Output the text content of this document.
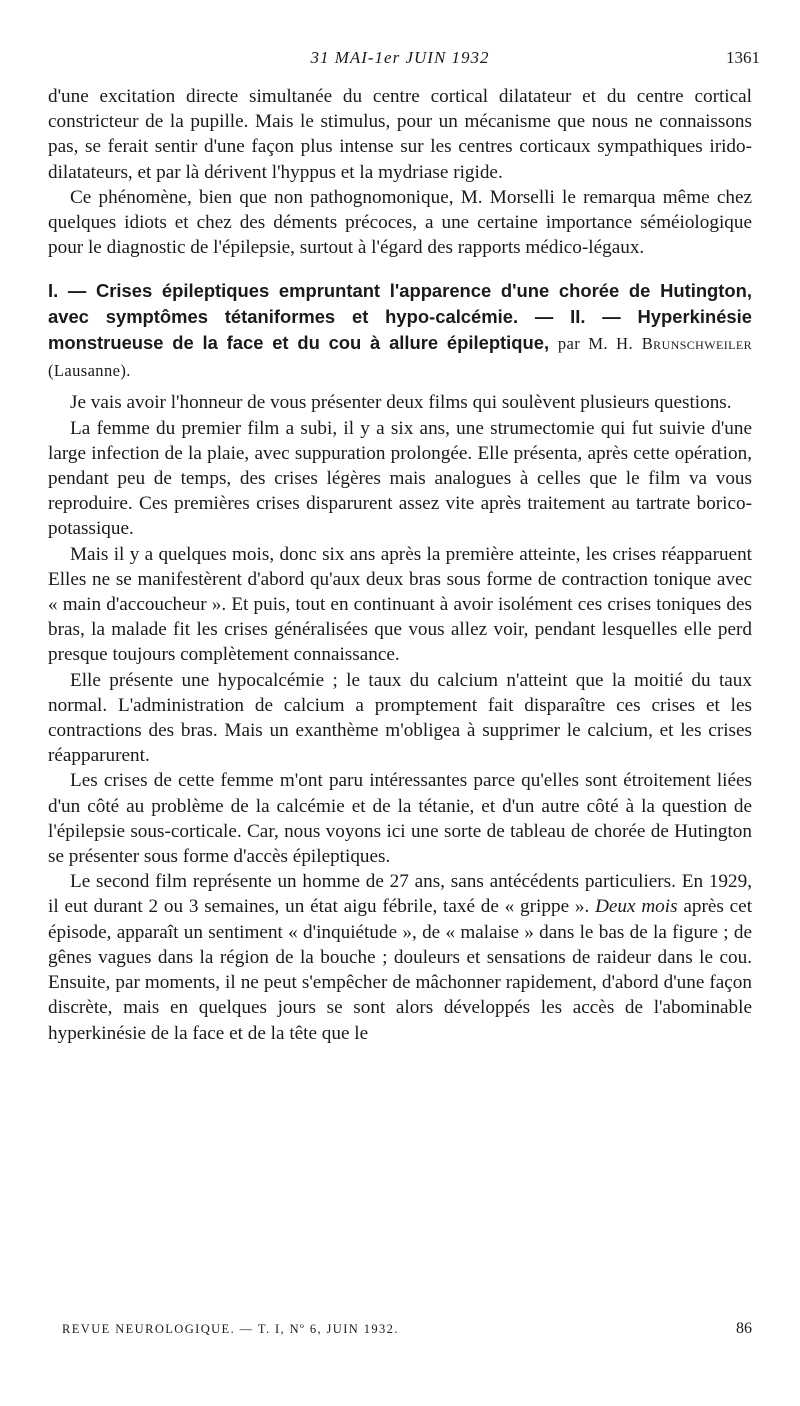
31 MAI-1er JUIN 1932	1361

d'une excitation directe simultanée du centre cortical dilatateur et du centre cortical constricteur de la pupille. Mais le stimulus, pour un mécanisme que nous ne connaissons pas, se ferait sentir d'une façon plus intense sur les centres corticaux sympathiques irido-dilatateurs, et par là dérivent l'hyppus et la mydriase rigide.

Ce phénomène, bien que non pathognomonique, M. Morselli le remarqua même chez quelques idiots et chez des déments précoces, a une certaine importance séméiologique pour le diagnostic de l'épilepsie, surtout à l'égard des rapports médico-légaux.

I. — Crises épileptiques empruntant l'apparence d'une chorée de Hutington, avec symptômes tétaniformes et hypo-calcémie. — II. — Hyperkinésie monstrueuse de la face et du cou à allure épileptique, par M. H. Brunschweiler (Lausanne).

Je vais avoir l'honneur de vous présenter deux films qui soulèvent plusieurs questions.

La femme du premier film a subi, il y a six ans, une strumectomie qui fut suivie d'une large infection de la plaie, avec suppuration prolongée. Elle présenta, après cette opération, pendant peu de temps, des crises légères mais analogues à celles que le film va vous reproduire. Ces premières crises disparurent assez vite après traitement au tartrate borico-potassique.

Mais il y a quelques mois, donc six ans après la première atteinte, les crises réapparuent Elles ne se manifestèrent d'abord qu'aux deux bras sous forme de contraction tonique avec « main d'accoucheur ». Et puis, tout en continuant à avoir isolément ces crises toniques des bras, la malade fit les crises généralisées que vous allez voir, pendant lesquelles elle perd presque toujours complètement connaissance.

Elle présente une hypocalcémie ; le taux du calcium n'atteint que la moitié du taux normal. L'administration de calcium a promptement fait disparaître ces crises et les contractions des bras. Mais un exanthème m'obligea à supprimer le calcium, et les crises réapparurent.

Les crises de cette femme m'ont paru intéressantes parce qu'elles sont étroitement liées d'un côté au problème de la calcémie et de la tétanie, et d'un autre côté à la question de l'épilepsie sous-corticale. Car, nous voyons ici une sorte de tableau de chorée de Hutington se présenter sous forme d'accès épileptiques.

Le second film représente un homme de 27 ans, sans antécédents particuliers. En 1929, il eut durant 2 ou 3 semaines, un état aigu fébrile, taxé de « grippe ». Deux mois après cet épisode, apparaît un sentiment « d'inquiétude », de « malaise » dans le bas de la figure ; de gênes vagues dans la région de la bouche ; douleurs et sensations de raideur dans le cou. Ensuite, par moments, il ne peut s'empêcher de mâchonner rapidement, d'abord d'une façon discrète, mais en quelques jours se sont alors développés les accès de l'abominable hyperkinésie de la face et de la tête que le

REVUE NEUROLOGIQUE. — T. I, Nº 6, JUIN 1932.	86
